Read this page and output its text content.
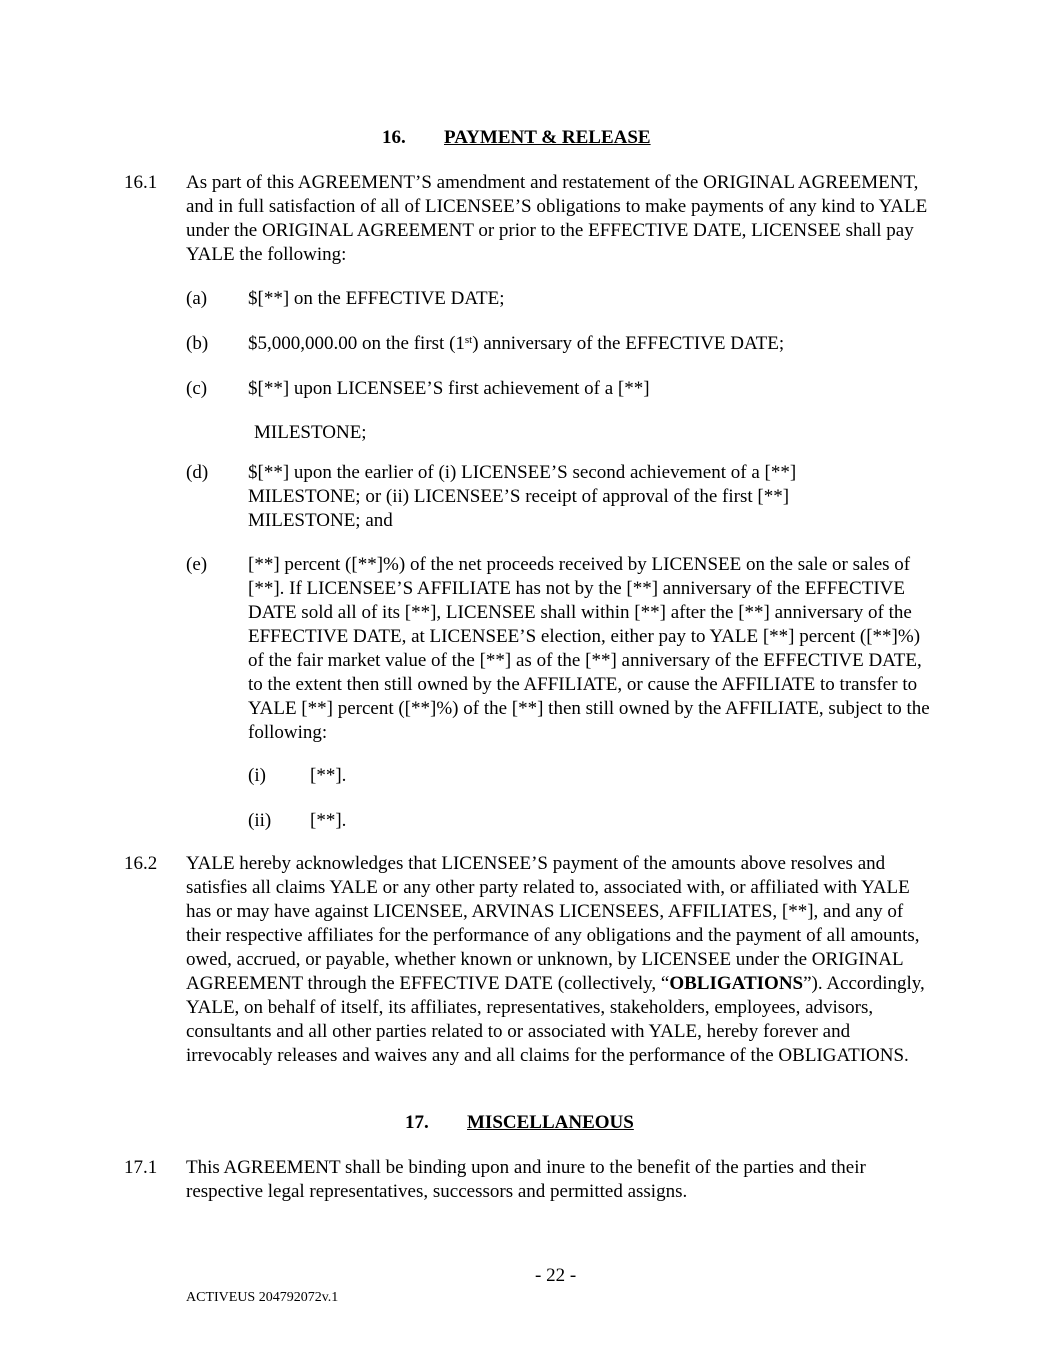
16. PAYMENT & RELEASE
16.1 As part of this AGREEMENT’S amendment and restatement of the ORIGINAL AGREEMENT, and in full satisfaction of all of LICENSEE’S obligations to make payments of any kind to YALE under the ORIGINAL AGREEMENT or prior to the EFFECTIVE DATE, LICENSEE shall pay YALE the following:
(a) $[**] on the EFFECTIVE DATE;
(b) $5,000,000.00 on the first (1st) anniversary of the EFFECTIVE DATE;
(c) $[**] upon LICENSEE’S first achievement of a [**]
MILESTONE;
(d) $[**] upon the earlier of (i) LICENSEE’S second achievement of a [**] MILESTONE; or (ii) LICENSEE’S receipt of approval of the first [**] MILESTONE; and
(e) [**] percent ([**]%) of the net proceeds received by LICENSEE on the sale or sales of [**]. If LICENSEE’S AFFILIATE has not by the [**] anniversary of the EFFECTIVE DATE sold all of its [**], LICENSEE shall within [**] after the [**] anniversary of the EFFECTIVE DATE, at LICENSEE’S election, either pay to YALE [**] percent ([**]%) of the fair market value of the [**] as of the [**] anniversary of the EFFECTIVE DATE, to the extent then still owned by the AFFILIATE, or cause the AFFILIATE to transfer to YALE [**] percent ([**]%) of the [**] then still owned by the AFFILIATE, subject to the following:
(i) [**].
(ii) [**].
16.2 YALE hereby acknowledges that LICENSEE’S payment of the amounts above resolves and satisfies all claims YALE or any other party related to, associated with, or affiliated with YALE has or may have against LICENSEE, ARVINAS LICENSEES, AFFILIATES, [**], and any of their respective affiliates for the performance of any obligations and the payment of all amounts, owed, accrued, or payable, whether known or unknown, by LICENSEE under the ORIGINAL AGREEMENT through the EFFECTIVE DATE (collectively, “OBLIGATIONS”). Accordingly, YALE, on behalf of itself, its affiliates, representatives, stakeholders, employees, advisors, consultants and all other parties related to or associated with YALE, hereby forever and irrevocably releases and waives any and all claims for the performance of the OBLIGATIONS.
17. MISCELLANEOUS
17.1 This AGREEMENT shall be binding upon and inure to the benefit of the parties and their respective legal representatives, successors and permitted assigns.
- 22 -
ACTIVEUS 204792072v.1
